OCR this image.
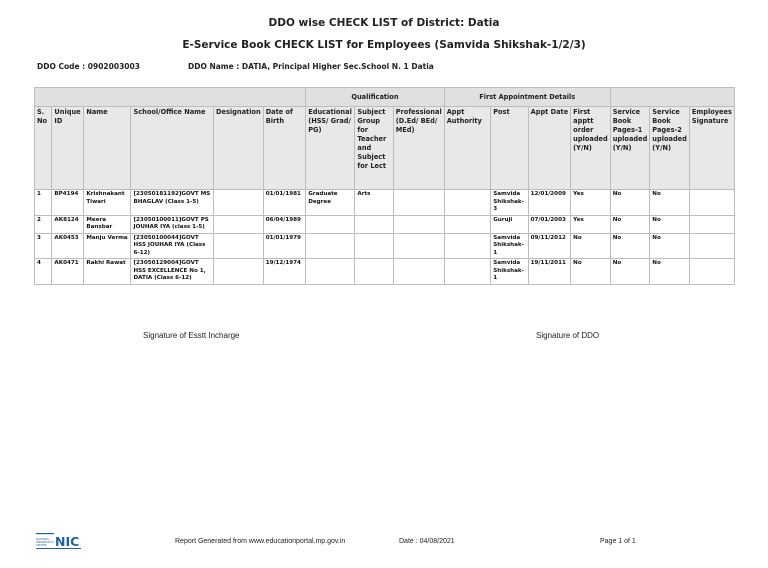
DDO wise CHECK LIST of District: Datia
E-Service Book CHECK LIST for Employees (Samvida Shikshak-1/2/3)
DDO Code : 0902003003	DDO Name : DATIA, Principal Higher Sec.School N. 1 Datia
						Qualification			First Appointment Details						
S. No	Unique ID	Name	School/Office Name	Designation	Date of Birth	Educational (HSS/ Grad/ PG)	Subject Group for Teacher and Subject for Lect	Professional (D.Ed/ BEd/ MEd)	Appt Authority	Post	Appt Date	First apptt order uploaded (Y/N)	Service Book Pages-1 uploaded (Y/N)	Service Book Pages-2 uploaded (Y/N)	Employees Signature
1	BP4194	Krishnakant Tiwari	[23050181192]GOVT MS BHAGLAV (Class 1-5)		01/01/1981	Graduate Degree	Arts			Samvida Shikshak-3	12/01/2009	Yes	No	No	
2	AK8124	Meera Bansbar	[23050100011]GOVT PS JOUHAR IYA (class 1-5)		06/04/1989					Guruji	07/01/2003	Yes	No	No	
3	AK0453	Manju Verma	[23050100044]GOVT HSS JOUHAR IYA (Class 6-12)		01/01/1979					Samvida Shikshak-1	09/11/2012	No	No	No	
4	AK0471	Rakhi Rawat	[23050129004]GOVT HSS EXCELLENCE No 1, DATIA (Class 6-12)		19/12/1974					Samvida Shikshak-1	19/11/2011	No	No	No	
Signature of Esstt Incharge	Signature of DDO
NATIONAL INFORMATICS CENTRE NIC	Report Generated from www.educationportal.mp.gov.in	Date : 04/08/2021	Page 1 of 1
